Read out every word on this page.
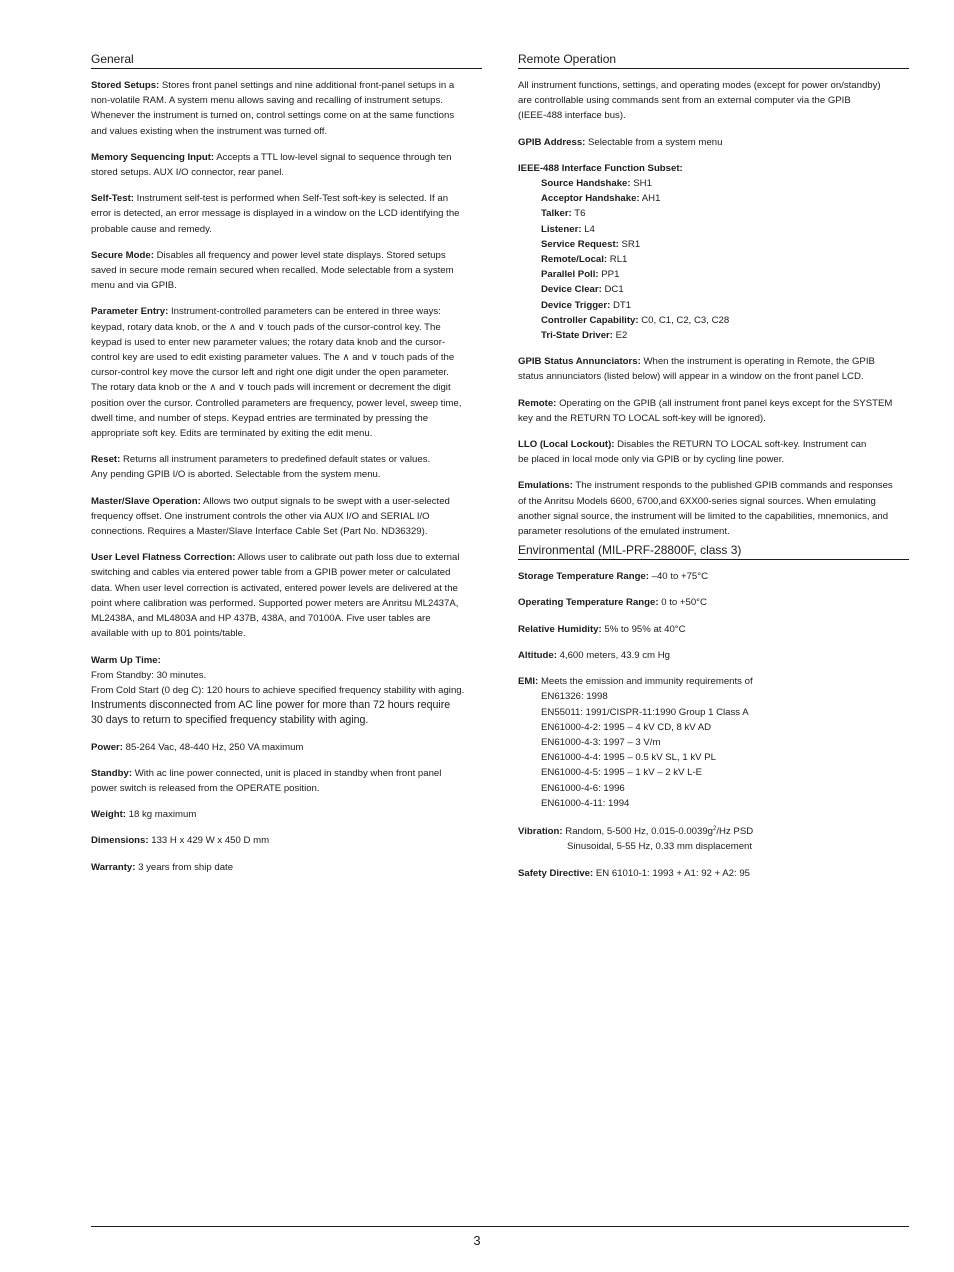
General
Stored Setups: Stores front panel settings and nine additional front-panel setups in a
non-volatile RAM. A system menu allows saving and recalling of instrument setups.
Whenever the instrument is turned on, control settings come on at the same functions
and values existing when the instrument was turned off.
Memory Sequencing Input: Accepts a TTL low-level signal to sequence through ten
stored setups. AUX I/O connector, rear panel.
Self-Test: Instrument self-test is performed when Self-Test soft-key is selected. If an
error is detected, an error message is displayed in a window on the LCD identifying the
probable cause and remedy.
Secure Mode: Disables all frequency and power level state displays. Stored setups
saved in secure mode remain secured when recalled. Mode selectable from a system
menu and via GPIB.
Parameter Entry: Instrument-controlled parameters can be entered in three ways:
keypad, rotary data knob, or the ∧ and ∨ touch pads of the cursor-control key. The
keypad is used to enter new parameter values; the rotary data knob and the cursor-
control key are used to edit existing parameter values. The ∧ and ∨ touch pads of the
cursor-control key move the cursor left and right one digit under the open parameter.
The rotary data knob or the ∧ and ∨ touch pads will increment or decrement the digit
position over the cursor. Controlled parameters are frequency, power level, sweep time,
dwell time, and number of steps. Keypad entries are terminated by pressing the
appropriate soft key. Edits are terminated by exiting the edit menu.
Reset: Returns all instrument parameters to predefined default states or values.
Any pending GPIB I/O is aborted. Selectable from the system menu.
Master/Slave Operation: Allows two output signals to be swept with a user-selected
frequency offset. One instrument controls the other via AUX I/O and SERIAL I/O
connections. Requires a Master/Slave Interface Cable Set (Part No. ND36329).
User Level Flatness Correction: Allows user to calibrate out path loss due to external
switching and cables via entered power table from a GPIB power meter or calculated
data. When user level correction is activated, entered power levels are delivered at the
point where calibration was performed. Supported power meters are Anritsu ML2437A,
ML2438A, and ML4803A and HP 437B, 438A, and 70100A. Five user tables are
available with up to 801 points/table.
Warm Up Time:
From Standby: 30 minutes.
From Cold Start (0 deg C): 120 hours to achieve specified frequency stability with aging.
Instruments disconnected from AC line power for more than 72 hours require
30 days to return to specified frequency stability with aging.
Power: 85-264 Vac, 48-440 Hz, 250 VA maximum
Standby: With ac line power connected, unit is placed in standby when front panel
power switch is released from the OPERATE position.
Weight: 18 kg maximum
Dimensions: 133 H x 429 W x 450 D mm
Warranty: 3 years from ship date
Remote Operation
All instrument functions, settings, and operating modes (except for power on/standby)
are controllable using commands sent from an external computer via the GPIB
(IEEE-488 interface bus).
GPIB Address: Selectable from a system menu
IEEE-488 Interface Function Subset:
Source Handshake: SH1
Acceptor Handshake: AH1
Talker: T6
Listener: L4
Service Request: SR1
Remote/Local: RL1
Parallel Poll: PP1
Device Clear: DC1
Device Trigger: DT1
Controller Capability: C0, C1, C2, C3, C28
Tri-State Driver: E2
GPIB Status Annunciators: When the instrument is operating in Remote, the GPIB
status annunciators (listed below) will appear in a window on the front panel LCD.
Remote: Operating on the GPIB (all instrument front panel keys except for the SYSTEM
key and the RETURN TO LOCAL soft-key will be ignored).
LLO (Local Lockout): Disables the RETURN TO LOCAL soft-key. Instrument can
be placed in local mode only via GPIB or by cycling line power.
Emulations: The instrument responds to the published GPIB commands and responses
of the Anritsu Models 6600, 6700,and 6XX00-series signal sources. When emulating
another signal source, the instrument will be limited to the capabilities, mnemonics, and
parameter resolutions of the emulated instrument.
Environmental (MIL-PRF-28800F, class 3)
Storage Temperature Range: –40 to +75°C
Operating Temperature Range: 0 to +50°C
Relative Humidity: 5% to 95% at 40°C
Altitude: 4,600 meters, 43.9 cm Hg
EMI: Meets the emission and immunity requirements of
EN61326: 1998
EN55011: 1991/CISPR-11:1990 Group 1 Class A
EN61000-4-2: 1995 – 4 kV CD, 8 kV AD
EN61000-4-3: 1997 – 3 V/m
EN61000-4-4: 1995 – 0.5 kV SL, 1 kV PL
EN61000-4-5: 1995 – 1 kV – 2 kV L-E
EN61000-4-6: 1996
EN61000-4-11: 1994
Vibration: Random, 5-500 Hz, $0.015-0.0039g^2/Hz$ PSD
Sinusoidal, 5-55 Hz, 0.33 mm displacement
Safety Directive: EN 61010-1: 1993 + A1: 92 + A2: 95
3
